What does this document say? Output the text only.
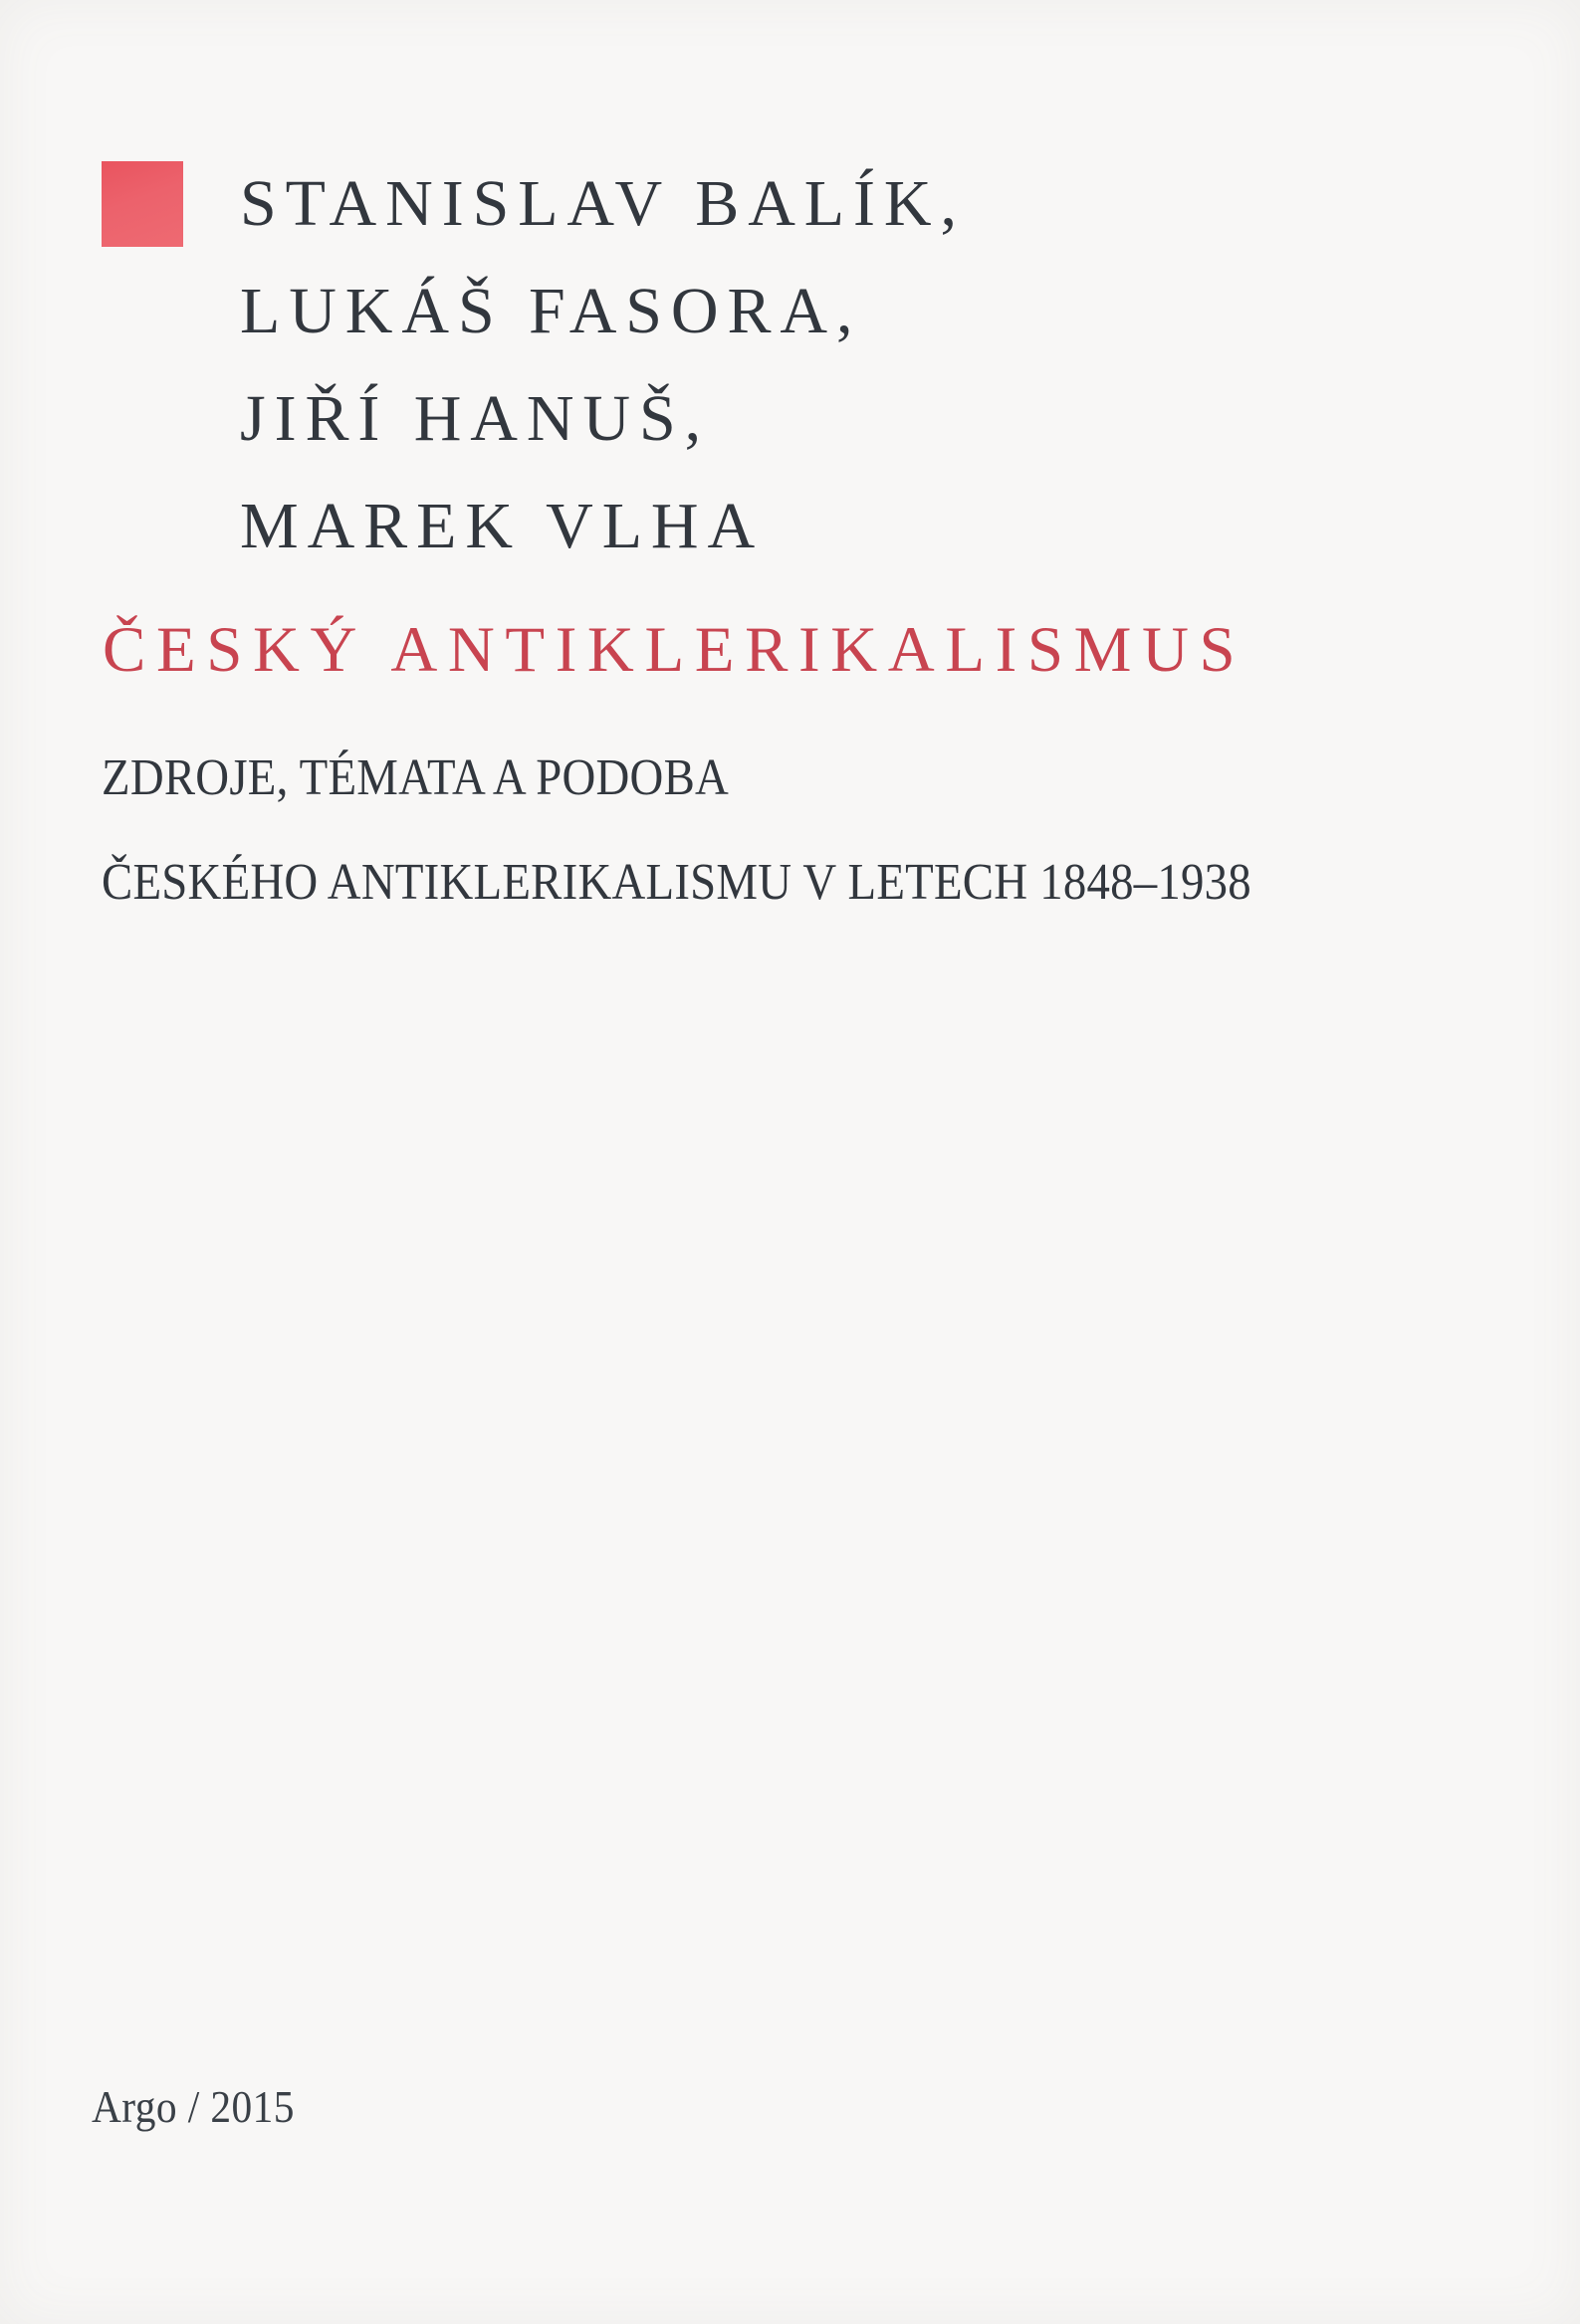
STANISLAV BALÍK,
LUKÁŠ FASORA,
JIŘÍ HANUŠ,
MAREK VLHA
ČESKÝ ANTIKLERIKALISMUS
ZDROJE, TÉMATA A PODOBA
ČESKÉHO ANTIKLERIKALISMU V LETECH 1848–1938
Argo / 2015
